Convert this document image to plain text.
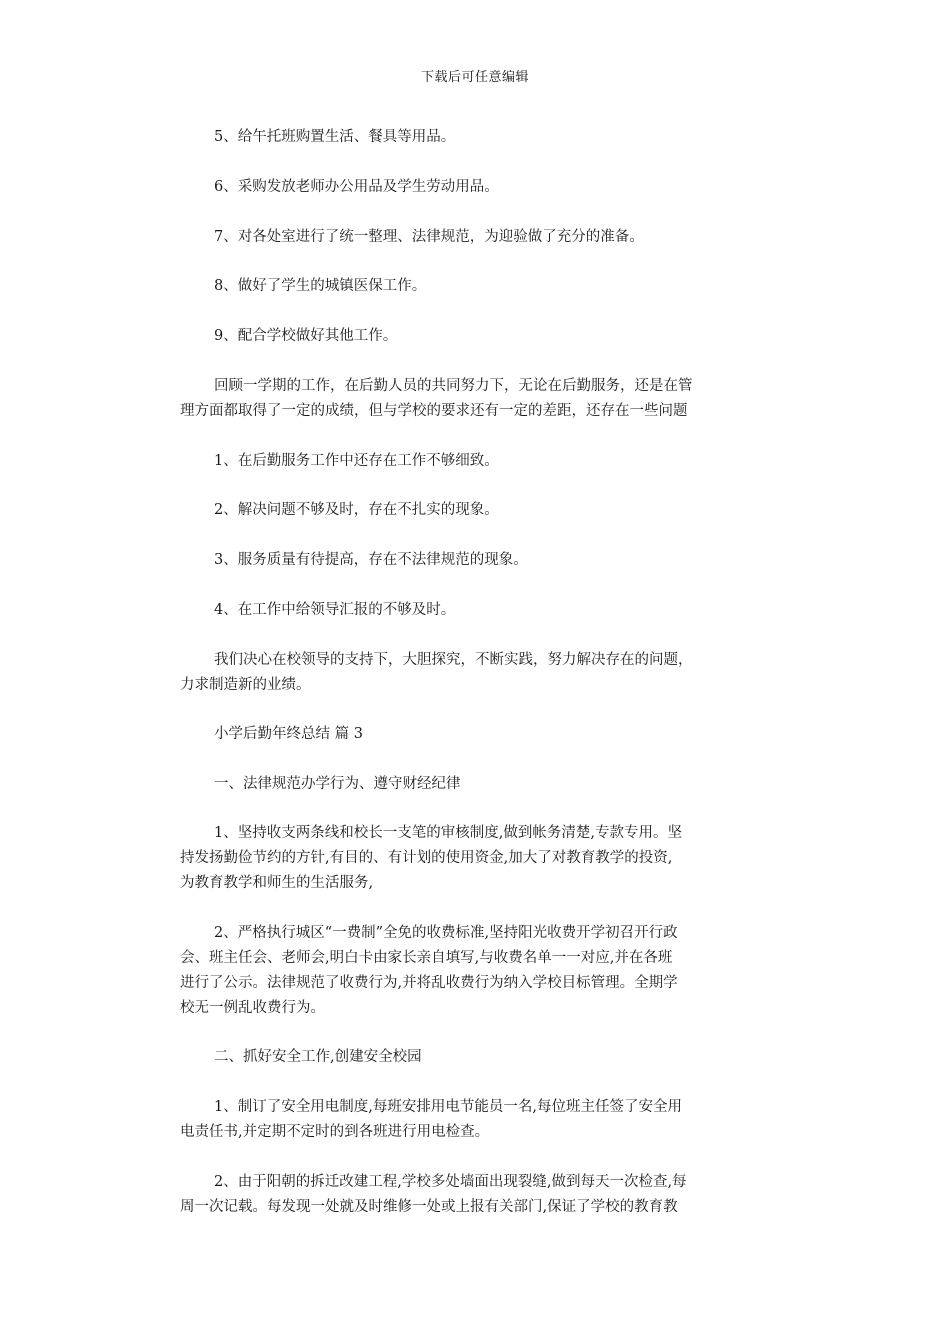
下载后可任意编辑

5、给午托班购置生活、餐具等用品。

6、采购发放老师办公用品及学生劳动用品。

7、对各处室进行了统一整理、法律规范，为迎验做了充分的准备。

8、做好了学生的城镇医保工作。

9、配合学校做好其他工作。

回顾一学期的工作，在后勤人员的共同努力下，无论在后勤服务，还是在管
理方面都取得了一定的成绩，但与学校的要求还有一定的差距，还存在一些问题

1、在后勤服务工作中还存在工作不够细致。

2、解决问题不够及时，存在不扎实的现象。

3、服务质量有待提高，存在不法律规范的现象。

4、在工作中给领导汇报的不够及时。

我们决心在校领导的支持下，大胆探究，不断实践，努力解决存在的问题，
力求制造新的业绩。

小学后勤年终总结 篇 3

一、法律规范办学行为、遵守财经纪律

1、坚持收支两条线和校长一支笔的审核制度,做到帐务清楚,专款专用。坚
持发扬勤俭节约的方针,有目的、有计划的使用资金,加大了对教育教学的投资,
为教育教学和师生的生活服务,

2、严格执行城区“一费制”全免的收费标准,坚持阳光收费开学初召开行政
会、班主任会、老师会,明白卡由家长亲自填写,与收费名单一一对应,并在各班
进行了公示。法律规范了收费行为,并将乱收费行为纳入学校目标管理。全期学
校无一例乱收费行为。

二、抓好安全工作,创建安全校园

1、制订了安全用电制度,每班安排用电节能员一名,每位班主任签了安全用
电责任书,并定期不定时的到各班进行用电检查。

2、由于阳朝的拆迁改建工程,学校多处墙面出现裂缝,做到每天一次检查,每
周一次记载。每发现一处就及时维修一处或上报有关部门,保证了学校的教育教
